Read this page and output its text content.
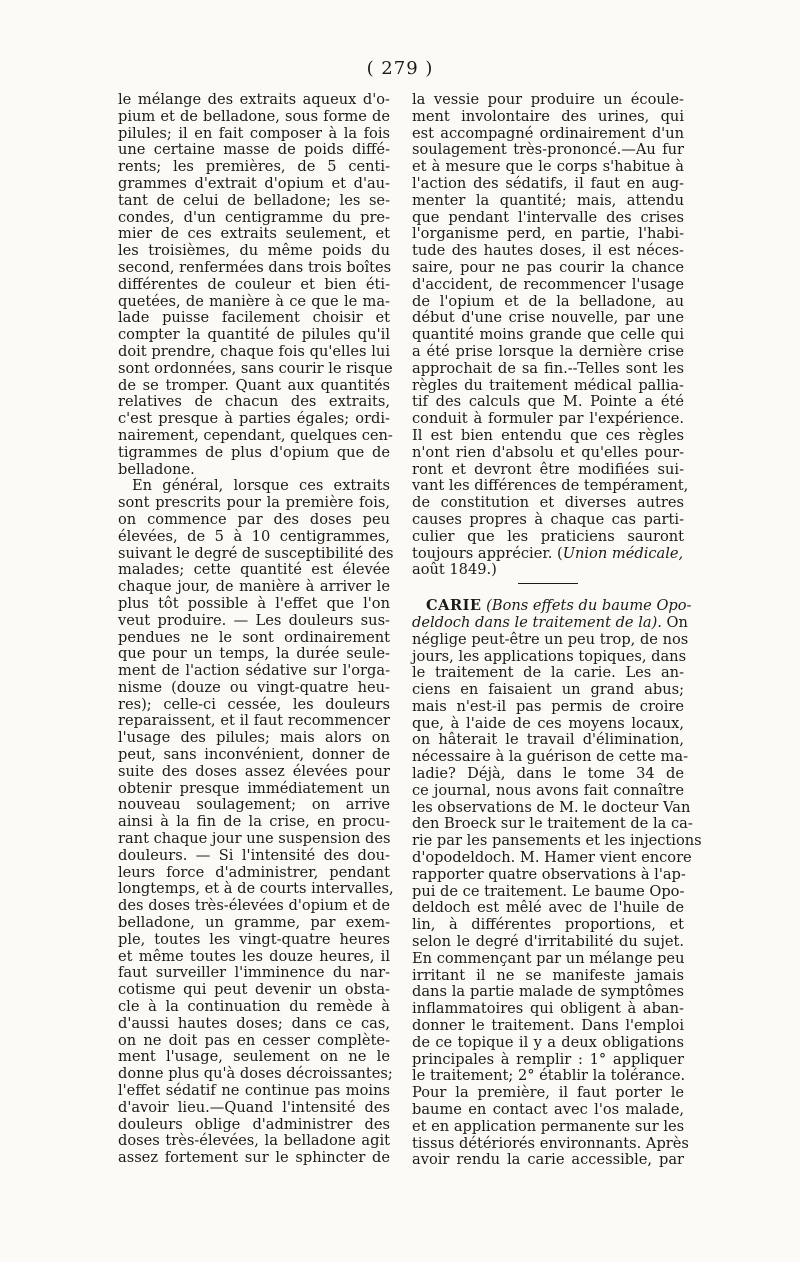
( 279 )
le mélange des extraits aqueux d'o-
pium et de belladone, sous forme de
pilules; il en fait composer à la fois
une certaine masse de poids diffé-
rents; les premières, de 5 centi-
grammes d'extrait d'opium et d'au-
tant de celui de belladone; les se-
condes, d'un centigramme du pre-
mier de ces extraits seulement, et
les troisièmes, du même poids du
second, renfermées dans trois boîtes
différentes de couleur et bien éti-
quetées, de manière à ce que le ma-
lade puisse facilement choisir et
compter la quantité de pilules qu'il
doit prendre, chaque fois qu'elles lui
sont ordonnées, sans courir le risque
de se tromper. Quant aux quantités
relatives de chacun des extraits,
c'est presque à parties égales; ordi-
nairement, cependant, quelques cen-
tigrammes de plus d'opium que de
belladone.
En général, lorsque ces extraits
sont prescrits pour la première fois,
on commence par des doses peu
élevées, de 5 à 10 centigrammes,
suivant le degré de susceptibilité des
malades; cette quantité est élevée
chaque jour, de manière à arriver le
plus tôt possible à l'effet que l'on
veut produire. — Les douleurs sus-
pendues ne le sont ordinairement
que pour un temps, la durée seule-
ment de l'action sédative sur l'orga-
nisme (douze ou vingt-quatre heu-
res); celle-ci cessée, les douleurs
reparaissent, et il faut recommencer
l'usage des pilules; mais alors on
peut, sans inconvénient, donner de
suite des doses assez élevées pour
obtenir presque immédiatement un
nouveau soulagement; on arrive
ainsi à la fin de la crise, en procu-
rant chaque jour une suspension des
douleurs. — Si l'intensité des dou-
leurs force d'administrer, pendant
longtemps, et à de courts intervalles,
des doses très-élevées d'opium et de
belladone, un gramme, par exem-
ple, toutes les vingt-quatre heures
et même toutes les douze heures, il
faut surveiller l'imminence du nar-
cotisme qui peut devenir un obsta-
cle à la continuation du remède à
d'aussi hautes doses; dans ce cas,
on ne doit pas en cesser complète-
ment l'usage, seulement on ne le
donne plus qu'à doses décroissantes;
l'effet sédatif ne continue pas moins
d'avoir lieu.—Quand l'intensité des
douleurs oblige d'administrer des
doses très-élevées, la belladone agit
assez fortement sur le sphincter de
la vessie pour produire un écoule-
ment involontaire des urines, qui
est accompagné ordinairement d'un
soulagement très-prononcé.—Au fur
et à mesure que le corps s'habitue à
l'action des sédatifs, il faut en aug-
menter la quantité; mais, attendu
que pendant l'intervalle des crises
l'organisme perd, en partie, l'habi-
tude des hautes doses, il est néces-
saire, pour ne pas courir la chance
d'accident, de recommencer l'usage
de l'opium et de la belladone, au
début d'une crise nouvelle, par une
quantité moins grande que celle qui
a été prise lorsque la dernière crise
approchait de sa fin.--Telles sont les
règles du traitement médical pallia-
tif des calculs que M. Pointe a été
conduit à formuler par l'expérience.
Il est bien entendu que ces règles
n'ont rien d'absolu et qu'elles pour-
ront et devront être modifiées sui-
vant les différences de tempérament,
de constitution et diverses autres
causes propres à chaque cas parti-
culier que les praticiens sauront
toujours apprécier. (Union médicale,
août 1849.)
CARIE (Bons effets du baume Opo-
deldoch dans le traitement de la). On
néglige peut-être un peu trop, de nos
jours, les applications topiques, dans
le traitement de la carie. Les an-
ciens en faisaient un grand abus;
mais n'est-il pas permis de croire
que, à l'aide de ces moyens locaux,
on hâterait le travail d'élimination,
nécessaire à la guérison de cette ma-
ladie? Déjà, dans le tome 34 de
ce journal, nous avons fait connaître
les observations de M. le docteur Van
den Broeck sur le traitement de la ca-
rie par les pansements et les injections
d'opodeldoch. M. Hamer vient encore
rapporter quatre observations à l'ap-
pui de ce traitement. Le baume Opo-
deldoch est mêlé avec de l'huile de
lin, à différentes proportions, et
selon le degré d'irritabilité du sujet.
En commençant par un mélange peu
irritant il ne se manifeste jamais
dans la partie malade de symptômes
inflammatoires qui obligent à aban-
donner le traitement. Dans l'emploi
de ce topique il y a deux obligations
principales à remplir : 1° appliquer
le traitement; 2° établir la tolérance.
Pour la première, il faut porter le
baume en contact avec l'os malade,
et en application permanente sur les
tissus détériorés environnants. Après
avoir rendu la carie accessible, par
